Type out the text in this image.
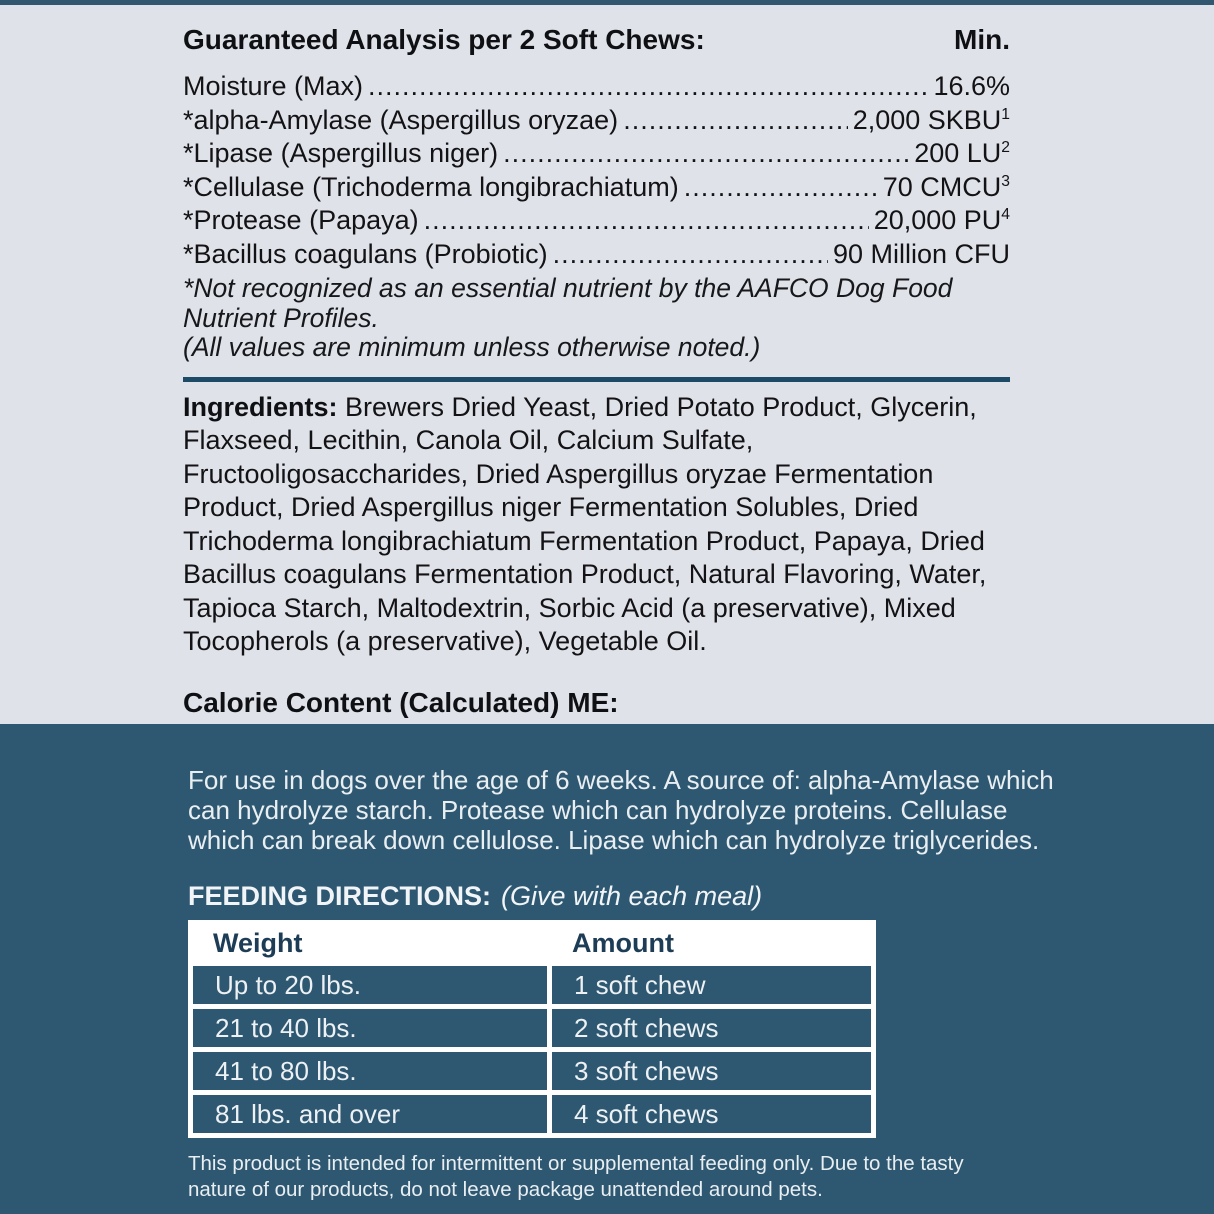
Guaranteed Analysis per 2 Soft Chews:	Min.
Moisture (Max) .....	16.6%
*alpha-Amylase (Aspergillus oryzae) .....	2,000 SKBU$^1$
*Lipase (Aspergillus niger) .....	200 $LU^2$
*Cellulase (Trichoderma longibrachiatum) .....	70 CMCU$^3$
*Protease (Papaya) .....	20,000 $PU^4$
*Bacillus coagulans (Probiotic) .....	90 Million CFU
*Not recognized as an essential nutrient by the AAFCO Dog Food Nutrient Profiles.
(All values are minimum unless otherwise noted.)

Ingredients: Brewers Dried Yeast, Dried Potato Product, Glycerin, Flaxseed, Lecithin, Canola Oil, Calcium Sulfate, Fructooligosaccharides, Dried Aspergillus oryzae Fermentation Product, Dried Aspergillus niger Fermentation Solubles, Dried Trichoderma longibrachiatum Fermentation Product, Papaya, Dried Bacillus coagulans Fermentation Product, Natural Flavoring, Water, Tapioca Starch, Maltodextrin, Sorbic Acid (a preservative), Mixed Tocopherols (a preservative), Vegetable Oil.

Calorie Content (Calculated) ME:

For use in dogs over the age of 6 weeks. A source of: alpha-Amylase which can hydrolyze starch. Protease which can hydrolyze proteins. Cellulase which can break down cellulose. Lipase which can hydrolyze triglycerides.

FEEDING DIRECTIONS: (Give with each meal)
Weight	Amount
Up to 20 lbs.	1 soft chew
21 to 40 lbs.	2 soft chews
41 to 80 lbs.	3 soft chews
81 lbs. and over	4 soft chews

This product is intended for intermittent or supplemental feeding only. Due to the tasty nature of our products, do not leave package unattended around pets.
